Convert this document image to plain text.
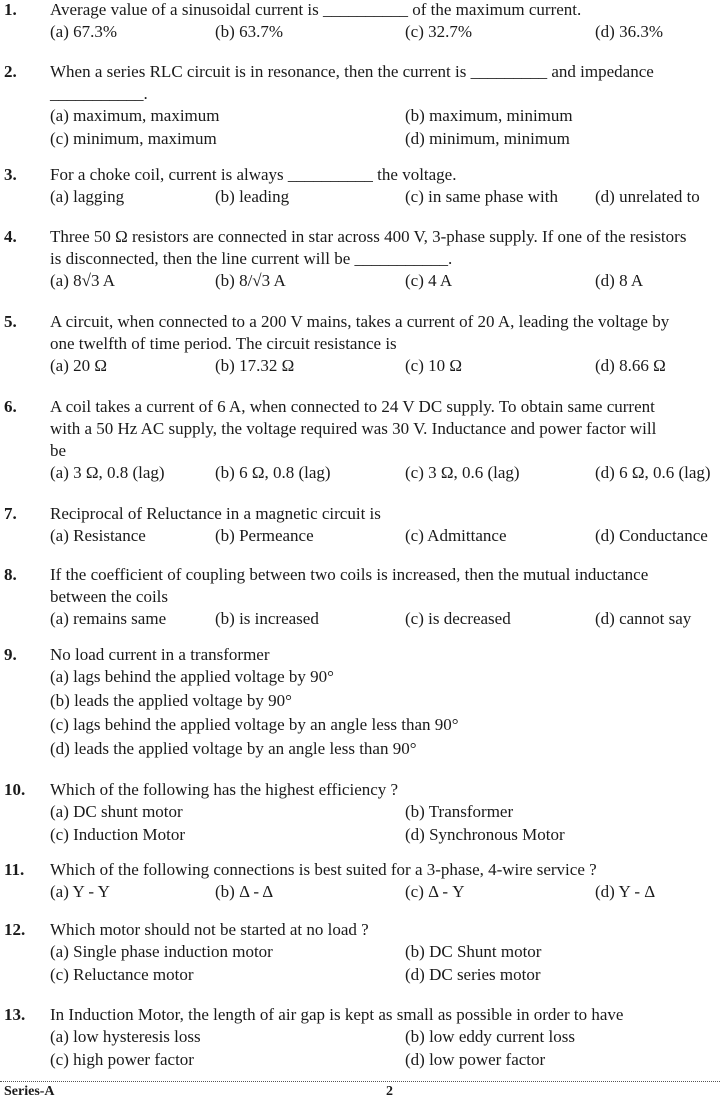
1. Average value of a sinusoidal current is __________ of the maximum current.
(a) 67.3%	(b) 63.7%	(c) 32.7%	(d) 36.3%
2. When a series RLC circuit is in resonance, then the current is _________ and impedance
___________.
(a) maximum, maximum	(b) maximum, minimum
(c) minimum, maximum	(d) minimum, minimum
3. For a choke coil, current is always __________ the voltage.
(a) lagging	(b) leading	(c) in same phase with (d) unrelated to
4. Three 50 Ω resistors are connected in star across 400 V, 3-phase supply. If one of the resistors
is disconnected, then the line current will be ___________.
(a) 8√3 A	(b) 8/√3 A	(c) 4 A	(d) 8 A
5. A circuit, when connected to a 200 V mains, takes a current of 20 A, leading the voltage by
one twelfth of time period. The circuit resistance is
(a) 20 Ω	(b) 17.32 Ω	(c) 10 Ω	(d) 8.66 Ω
6. A coil takes a current of 6 A, when connected to 24 V DC supply. To obtain same current
with a 50 Hz AC supply, the voltage required was 30 V. Inductance and power factor will
be
(a) 3 Ω, 0.8 (lag)	(b) 6 Ω, 0.8 (lag)	(c) 3 Ω, 0.6 (lag)	(d) 6 Ω, 0.6 (lag)
7. Reciprocal of Reluctance in a magnetic circuit is
(a) Resistance	(b) Permeance	(c) Admittance	(d) Conductance
8. If the coefficient of coupling between two coils is increased, then the mutual inductance
between the coils
(a) remains same	(b) is increased	(c) is decreased	(d) cannot say
9. No load current in a transformer
(a) lags behind the applied voltage by 90°
(b) leads the applied voltage by 90°
(c) lags behind the applied voltage by an angle less than 90°
(d) leads the applied voltage by an angle less than 90°
10. Which of the following has the highest efficiency ?
(a) DC shunt motor	(b) Transformer
(c) Induction Motor	(d) Synchronous Motor
11. Which of the following connections is best suited for a 3-phase, 4-wire service ?
(a) Y - Y	(b) Δ - Δ	(c) Δ - Y	(d) Y - Δ
12. Which motor should not be started at no load ?
(a) Single phase induction motor	(b) DC Shunt motor
(c) Reluctance motor	(d) DC series motor
13. In Induction Motor, the length of air gap is kept as small as possible in order to have
(a) low hysteresis loss	(b) low eddy current loss
(c) high power factor	(d) low power factor
Series-A	2
